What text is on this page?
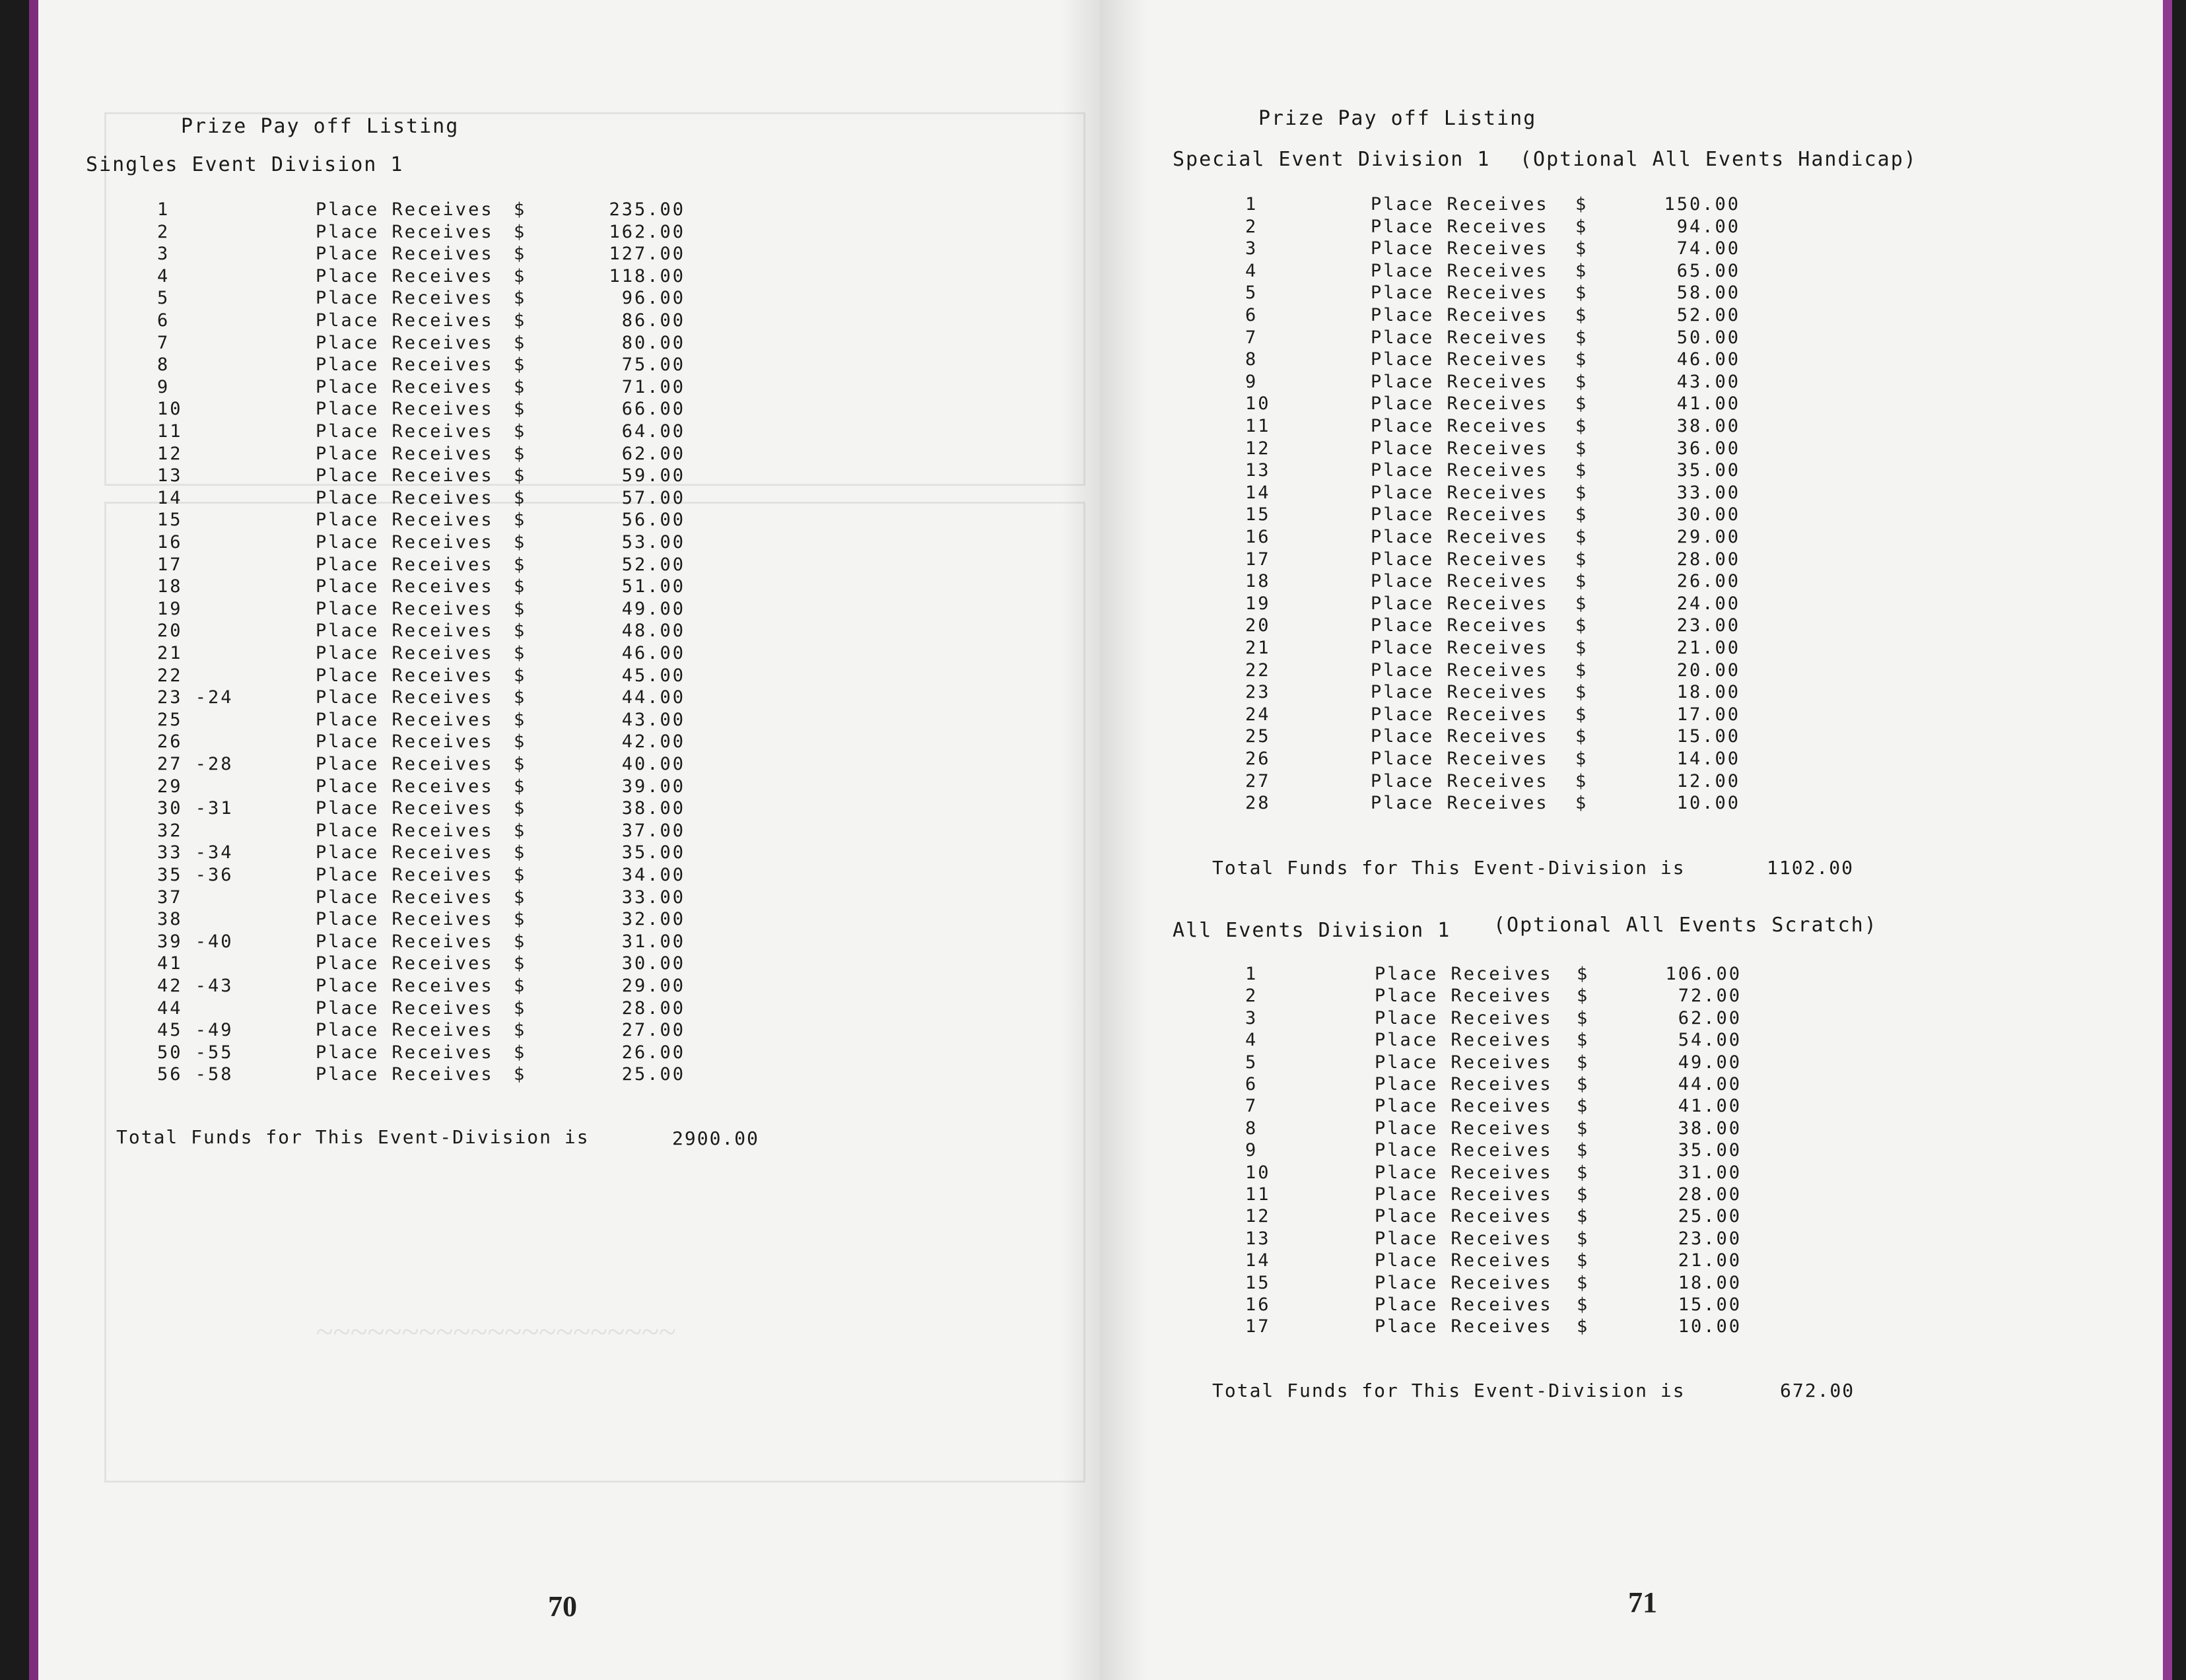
~~~~~~~~~~~~~~~~~~~~~
Prize Pay off Listing
Singles Event Division 1
1	Place Receives $	235.00
2	Place Receives $	162.00
3	Place Receives $	127.00
4	Place Receives $	118.00
5	Place Receives $	96.00
6	Place Receives $	86.00
7	Place Receives $	80.00
8	Place Receives $	75.00
9	Place Receives $	71.00
10	Place Receives $	66.00
11	Place Receives $	64.00
12	Place Receives $	62.00
13	Place Receives $	59.00
14	Place Receives $	57.00
15	Place Receives $	56.00
16	Place Receives $	53.00
17	Place Receives $	52.00
18	Place Receives $	51.00
19	Place Receives $	49.00
20	Place Receives $	48.00
21	Place Receives $	46.00
22	Place Receives $	45.00
23 -24	Place Receives $	44.00
25	Place Receives $	43.00
26	Place Receives $	42.00
27 -28	Place Receives $	40.00
29	Place Receives $	39.00
30 -31	Place Receives $	38.00
32	Place Receives $	37.00
33 -34	Place Receives $	35.00
35 -36	Place Receives $	34.00
37	Place Receives $	33.00
38	Place Receives $	32.00
39 -40	Place Receives $	31.00
41	Place Receives $	30.00
42 -43	Place Receives $	29.00
44	Place Receives $	28.00
45 -49	Place Receives $	27.00
50 -55	Place Receives $	26.00
56 -58	Place Receives $	25.00
Total Funds for This Event-Division is	2900.00
70
Prize Pay off Listing
Special Event Division 1 (Optional All Events Handicap)
1	Place Receives $	150.00
2	Place Receives $	94.00
3	Place Receives $	74.00
4	Place Receives $	65.00
5	Place Receives $	58.00
6	Place Receives $	52.00
7	Place Receives $	50.00
8	Place Receives $	46.00
9	Place Receives $	43.00
10	Place Receives $	41.00
11	Place Receives $	38.00
12	Place Receives $	36.00
13	Place Receives $	35.00
14	Place Receives $	33.00
15	Place Receives $	30.00
16	Place Receives $	29.00
17	Place Receives $	28.00
18	Place Receives $	26.00
19	Place Receives $	24.00
20	Place Receives $	23.00
21	Place Receives $	21.00
22	Place Receives $	20.00
23	Place Receives $	18.00
24	Place Receives $	17.00
25	Place Receives $	15.00
26	Place Receives $	14.00
27	Place Receives $	12.00
28	Place Receives $	10.00
Total Funds for This Event-Division is	1102.00
All Events Division 1 (Optional All Events Scratch)
1	Place Receives $	106.00
2	Place Receives $	72.00
3	Place Receives $	62.00
4	Place Receives $	54.00
5	Place Receives $	49.00
6	Place Receives $	44.00
7	Place Receives $	41.00
8	Place Receives $	38.00
9	Place Receives $	35.00
10	Place Receives $	31.00
11	Place Receives $	28.00
12	Place Receives $	25.00
13	Place Receives $	23.00
14	Place Receives $	21.00
15	Place Receives $	18.00
16	Place Receives $	15.00
17	Place Receives $	10.00
Total Funds for This Event-Division is	672.00
71
